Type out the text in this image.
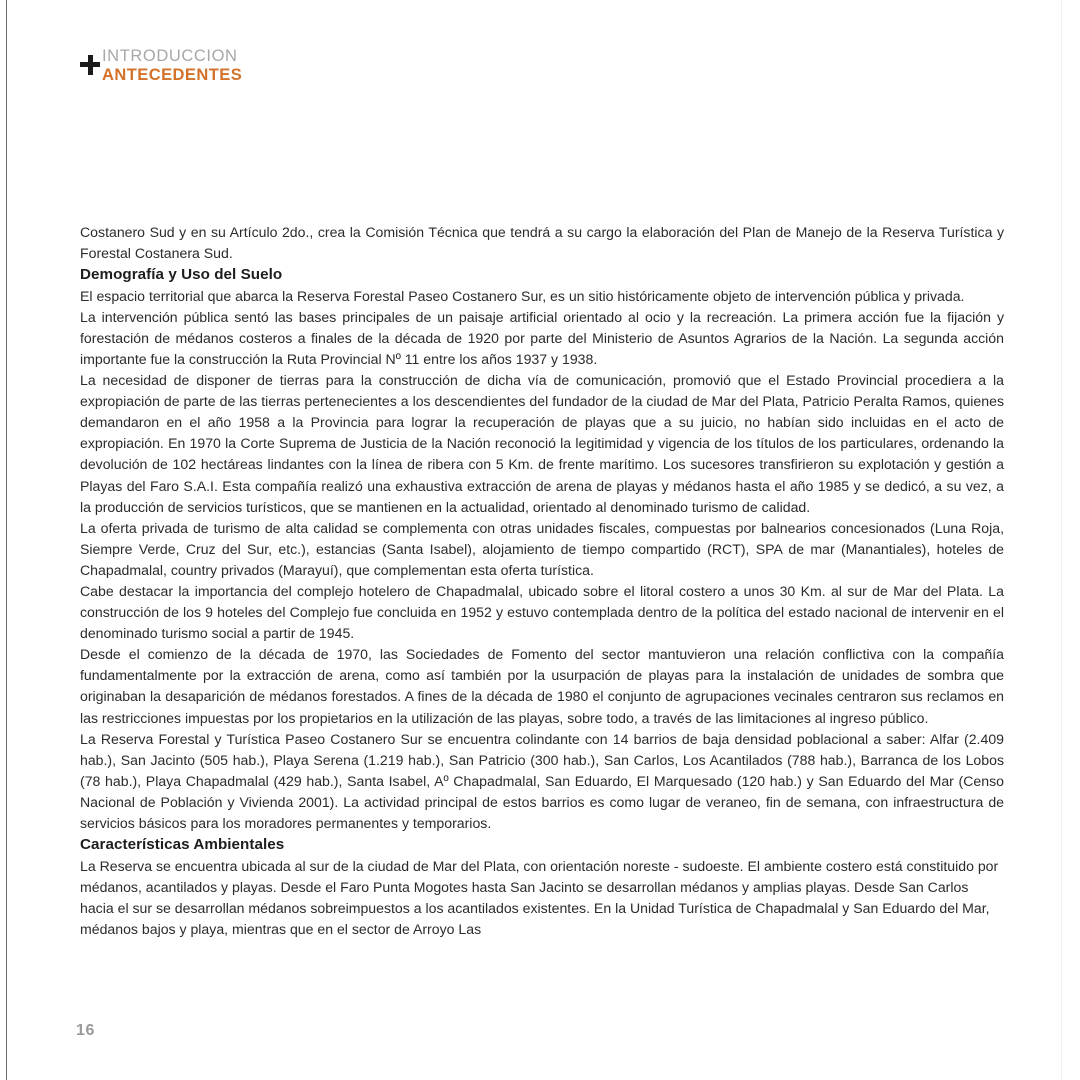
INTRODUCCION
ANTECEDENTES

Costanero Sud y en su Artículo 2do., crea la Comisión Técnica que tendrá a su cargo la elaboración del Plan de Manejo de la Reserva Turística y Forestal Costanera Sud.

Demografía y Uso del Suelo

El espacio territorial que abarca la Reserva Forestal Paseo Costanero Sur, es un sitio históricamente objeto de intervención pública y privada.

La intervención pública sentó las bases principales de un paisaje artificial orientado al ocio y la recreación. La primera acción fue la fijación y forestación de médanos costeros a finales de la década de 1920 por parte del Ministerio de Asuntos Agrarios de la Nación. La segunda acción importante fue la construcción la Ruta Provincial Nº 11 entre los años 1937 y 1938.

La necesidad de disponer de tierras para la construcción de dicha vía de comunicación, promovió que el Estado Provincial procediera a la expropiación de parte de las tierras pertenecientes a los descendientes del fundador de la ciudad de Mar del Plata, Patricio Peralta Ramos, quienes demandaron en el año 1958 a la Provincia para lograr la recuperación de playas que a su juicio, no habían sido incluidas en el acto de expropiación. En 1970 la Corte Suprema de Justicia de la Nación reconoció la legitimidad y vigencia de los títulos de los particulares, ordenando la devolución de 102 hectáreas lindantes con la línea de ribera con 5 Km. de frente marítimo. Los sucesores transfirieron su explotación y gestión a Playas del Faro S.A.I. Esta compañía realizó una exhaustiva extracción de arena de playas y médanos hasta el año 1985 y se dedicó, a su vez, a la producción de servicios turísticos, que se mantienen en la actualidad, orientado al denominado turismo de calidad.

La oferta privada de turismo de alta calidad se complementa con otras unidades fiscales, compuestas por balnearios concesionados (Luna Roja, Siempre Verde, Cruz del Sur, etc.), estancias (Santa Isabel), alojamiento de tiempo compartido (RCT), SPA de mar (Manantiales), hoteles de Chapadmalal, country privados (Marayuí), que complementan esta oferta turística.

Cabe destacar la importancia del complejo hotelero de Chapadmalal, ubicado sobre el litoral costero a unos 30 Km. al sur de Mar del Plata. La construcción de los 9 hoteles del Complejo fue concluida en 1952 y estuvo contemplada dentro de la política del estado nacional de intervenir en el denominado turismo social a partir de 1945.

Desde el comienzo de la década de 1970, las Sociedades de Fomento del sector mantuvieron una relación conflictiva con la compañía fundamentalmente por la extracción de arena, como así también por la usurpación de playas para la instalación de unidades de sombra que originaban la desaparición de médanos forestados. A fines de la década de 1980 el conjunto de agrupaciones vecinales centraron sus reclamos en las restricciones impuestas por los propietarios en la utilización de las playas, sobre todo, a través de las limitaciones al ingreso público.

La Reserva Forestal y Turística Paseo Costanero Sur se encuentra colindante con 14 barrios de baja densidad poblacional a saber: Alfar (2.409 hab.), San Jacinto (505 hab.), Playa Serena (1.219 hab.), San Patricio (300 hab.), San Carlos, Los Acantilados (788 hab.), Barranca de los Lobos (78 hab.), Playa Chapadmalal (429 hab.), Santa Isabel, Aº Chapadmalal, San Eduardo, El Marquesado (120 hab.) y San Eduardo del Mar (Censo Nacional de Población y Vivienda 2001). La actividad principal de estos barrios es como lugar de veraneo, fin de semana, con infraestructura de servicios básicos para los moradores permanentes y temporarios.

Características Ambientales

La Reserva se encuentra ubicada al sur de la ciudad de Mar del Plata, con orientación noreste - sudoeste. El ambiente costero está constituido por médanos, acantilados y playas. Desde el Faro Punta Mogotes hasta San Jacinto se desarrollan médanos y amplias playas. Desde San Carlos hacia el sur se desarrollan médanos sobreimpuestos a los acantilados existentes. En la Unidad Turística de Chapadmalal y San Eduardo del Mar, médanos bajos y playa, mientras que en el sector de Arroyo Las

16
